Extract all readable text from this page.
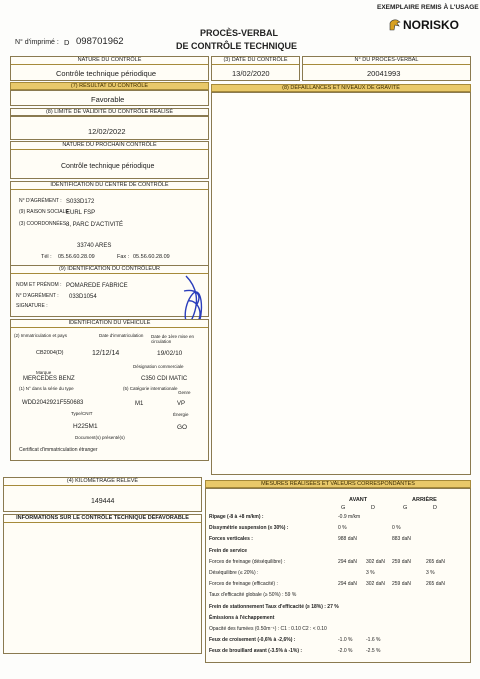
EXEMPLAIRE REMIS À L'USAGE
NORISKO
PROCÈS-VERBAL
DE CONTRÔLE TECHNIQUE
N° d'imprimé : D 098701962
NATURE DU CONTRÔLE
Contrôle technique périodique
(3) DATE DU CONTRÔLE
13/02/2020
N° DU PROCÈS-VERBAL
20041993
(7) RÉSULTAT DU CONTRÔLE
Favorable
(8) DÉFAILLANCES ET NIVEAUX DE GRAVITÉ
(8) LIMITE DE VALIDITÉ DU CONTRÔLE RÉALISÉ
12/02/2022
NATURE DU PROCHAIN CONTRÔLE
Contrôle technique périodique
IDENTIFICATION DU CENTRE DE CONTRÔLE
N° D'AGRÉMENT : S033D172
(9) RAISON SOCIALE :
EURL FSP
(3) COORDONNÉES :
8, PARC D'ACTIVITÉ
33740 ARES
Tél : 05.56.60.28.09	Fax : 05.56.60.28.09
(9) IDENTIFICATION DU CONTRÔLEUR
NOM ET PRÉNOM : POMAREDE FABRICE
N° D'AGRÉMENT : 033D1054
SIGNATURE :
IDENTIFICATION DU VÉHICULE
(2) Immatriculation et pays	Date d'immatriculation Date de 1ère mise en circulation
CB2004(D)	12/12/14	19/02/10
Désignation commerciale
Marque
MERCEDES BENZ	C350 CDI MATIC
(1) N° dans la série du type	(5) Catégorie internationale
Genre
WDD2042921F550683	M1	VP
Type/CNIT	Énergie
H225M1	GO
Document(s) présenté(s)
Certificat d'immatriculation étranger
(4) KILOMÉTRAGE RELEVÉ
149444
INFORMATIONS SUR LE CONTRÔLE TECHNIQUE DÉFAVORABLE
MESURES RÉALISÉES ET VALEURS CORRESPONDANTES
AVANT	ARRIÈRE
G	D	G	D
Ripage (-8 à +8 m/km) :	-0.9 m/km
Dissymétrie suspension (≤ 30%) :	0 %	0 %
Forces verticales :	988 daN	883 daN
Frein de service
Forces de freinage (déséquilibre) :	294 daN 302 daN 259 daN	265 daN
Déséquilibre (≤ 20%) :	3 %	3 %
Forces de freinage (efficacité) :	294 daN 302 daN 259 daN	265 daN
Taux d'efficacité globale (≥ 50%) : 59 %
Frein de stationnement Taux d'efficacité (≥ 18%) : 27 %
Émissions à l'échappement
Opacité des fumées (0.50m⁻¹) : C1 : 0.10 C2 : < 0.10
Feux de croisement (-0,6% à -2,6%) :	-1.0 %	-1.6 %
Feux de brouillard avant (-3.5% à -1%) :	-2.0 %	-2.5 %
